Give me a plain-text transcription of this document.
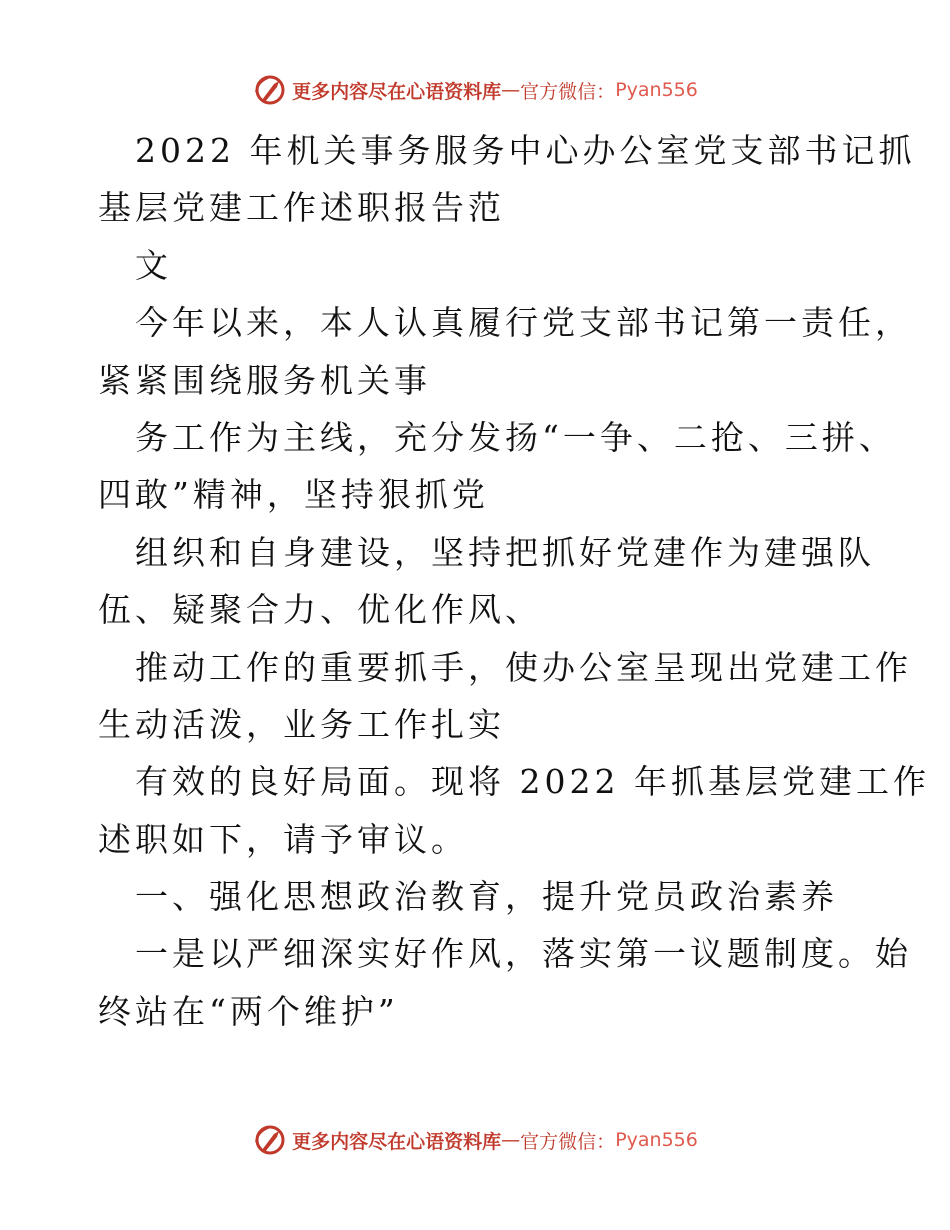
更多内容尽在心语资料库 — 官方微信： Pyan556
2022 年机关事务服务中心办公室党支部书记抓
基层党建工作述职报告范
文
今年以来，本人认真履行党支部书记第一责任，
紧紧围绕服务机关事
务工作为主线，充分发扬“一争、二抢、三拼、
四敢”精神，坚持狠抓党
组织和自身建设，坚持把抓好党建作为建强队
伍、疑聚合力、优化作风、
推动工作的重要抓手，使办公室呈现出党建工作
生动活泼，业务工作扎实
有效的良好局面。现将 2022 年抓基层党建工作
述职如下，请予审议。
一、强化思想政治教育，提升党员政治素养
一是以严细深实好作风，落实第一议题制度。始
终站在“两个维护”
更多内容尽在心语资料库 — 官方微信： Pyan556
